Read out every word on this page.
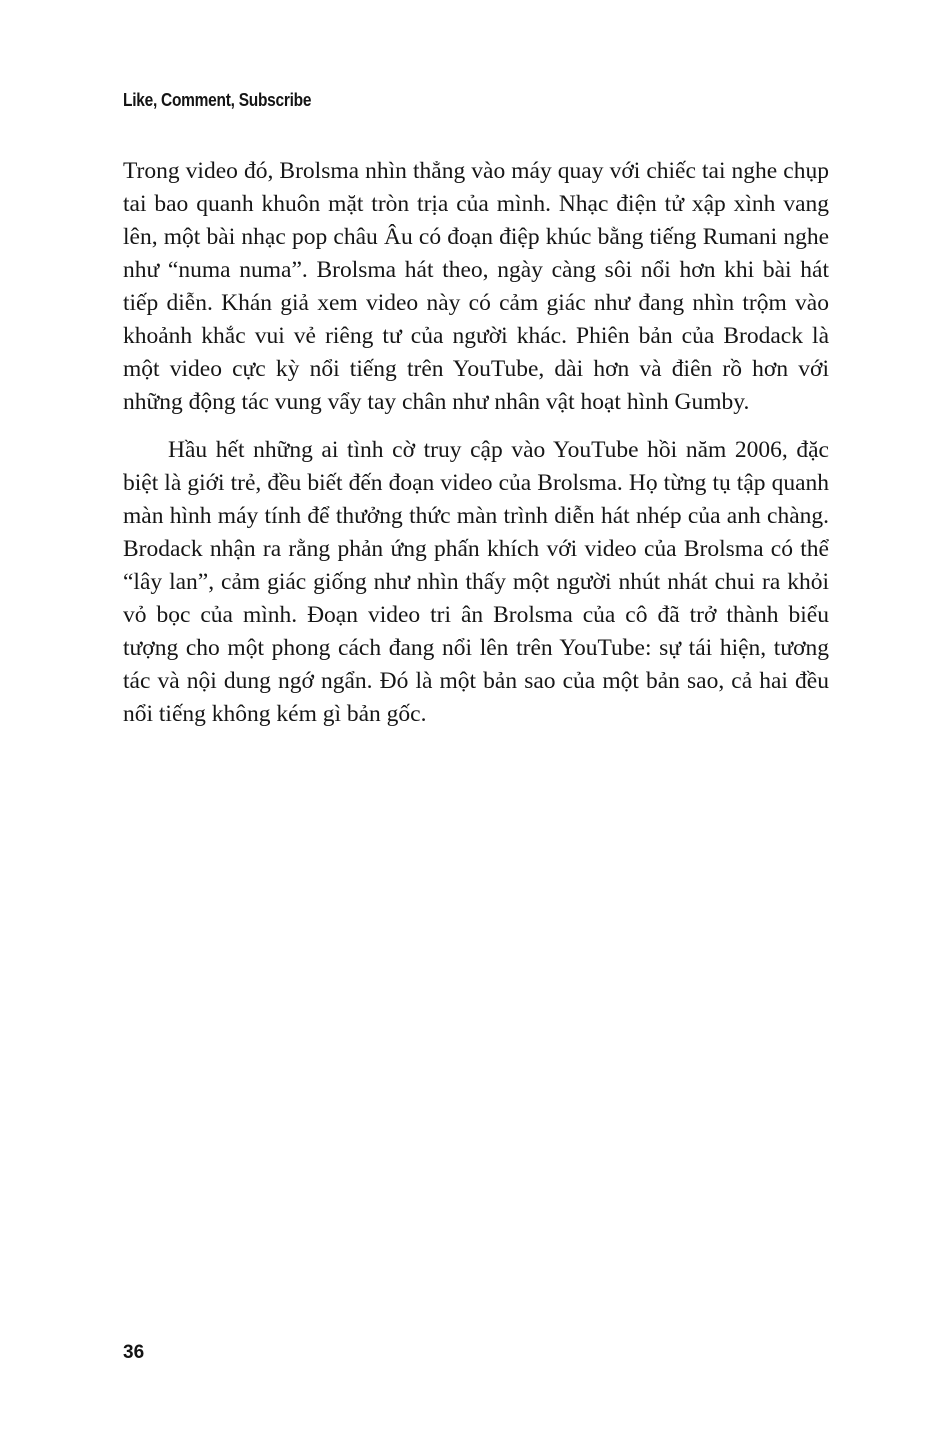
Like, Comment, Subscribe

Trong video đó, Brolsma nhìn thẳng vào máy quay với chiếc tai nghe chụp tai bao quanh khuôn mặt tròn trịa của mình. Nhạc điện tử xập xình vang lên, một bài nhạc pop châu Âu có đoạn điệp khúc bằng tiếng Rumani nghe như “numa numa”. Brolsma hát theo, ngày càng sôi nổi hơn khi bài hát tiếp diễn. Khán giả xem video này có cảm giác như đang nhìn trộm vào khoảnh khắc vui vẻ riêng tư của người khác. Phiên bản của Brodack là một video cực kỳ nổi tiếng trên YouTube, dài hơn và điên rồ hơn với những động tác vung vẩy tay chân như nhân vật hoạt hình Gumby.

Hầu hết những ai tình cờ truy cập vào YouTube hồi năm 2006, đặc biệt là giới trẻ, đều biết đến đoạn video của Brolsma. Họ từng tụ tập quanh màn hình máy tính để thưởng thức màn trình diễn hát nhép của anh chàng. Brodack nhận ra rằng phản ứng phấn khích với video của Brolsma có thể “lây lan”, cảm giác giống như nhìn thấy một người nhút nhát chui ra khỏi vỏ bọc của mình. Đoạn video tri ân Brolsma của cô đã trở thành biểu tượng cho một phong cách đang nổi lên trên YouTube: sự tái hiện, tương tác và nội dung ngớ ngẩn. Đó là một bản sao của một bản sao, cả hai đều nổi tiếng không kém gì bản gốc.

36
